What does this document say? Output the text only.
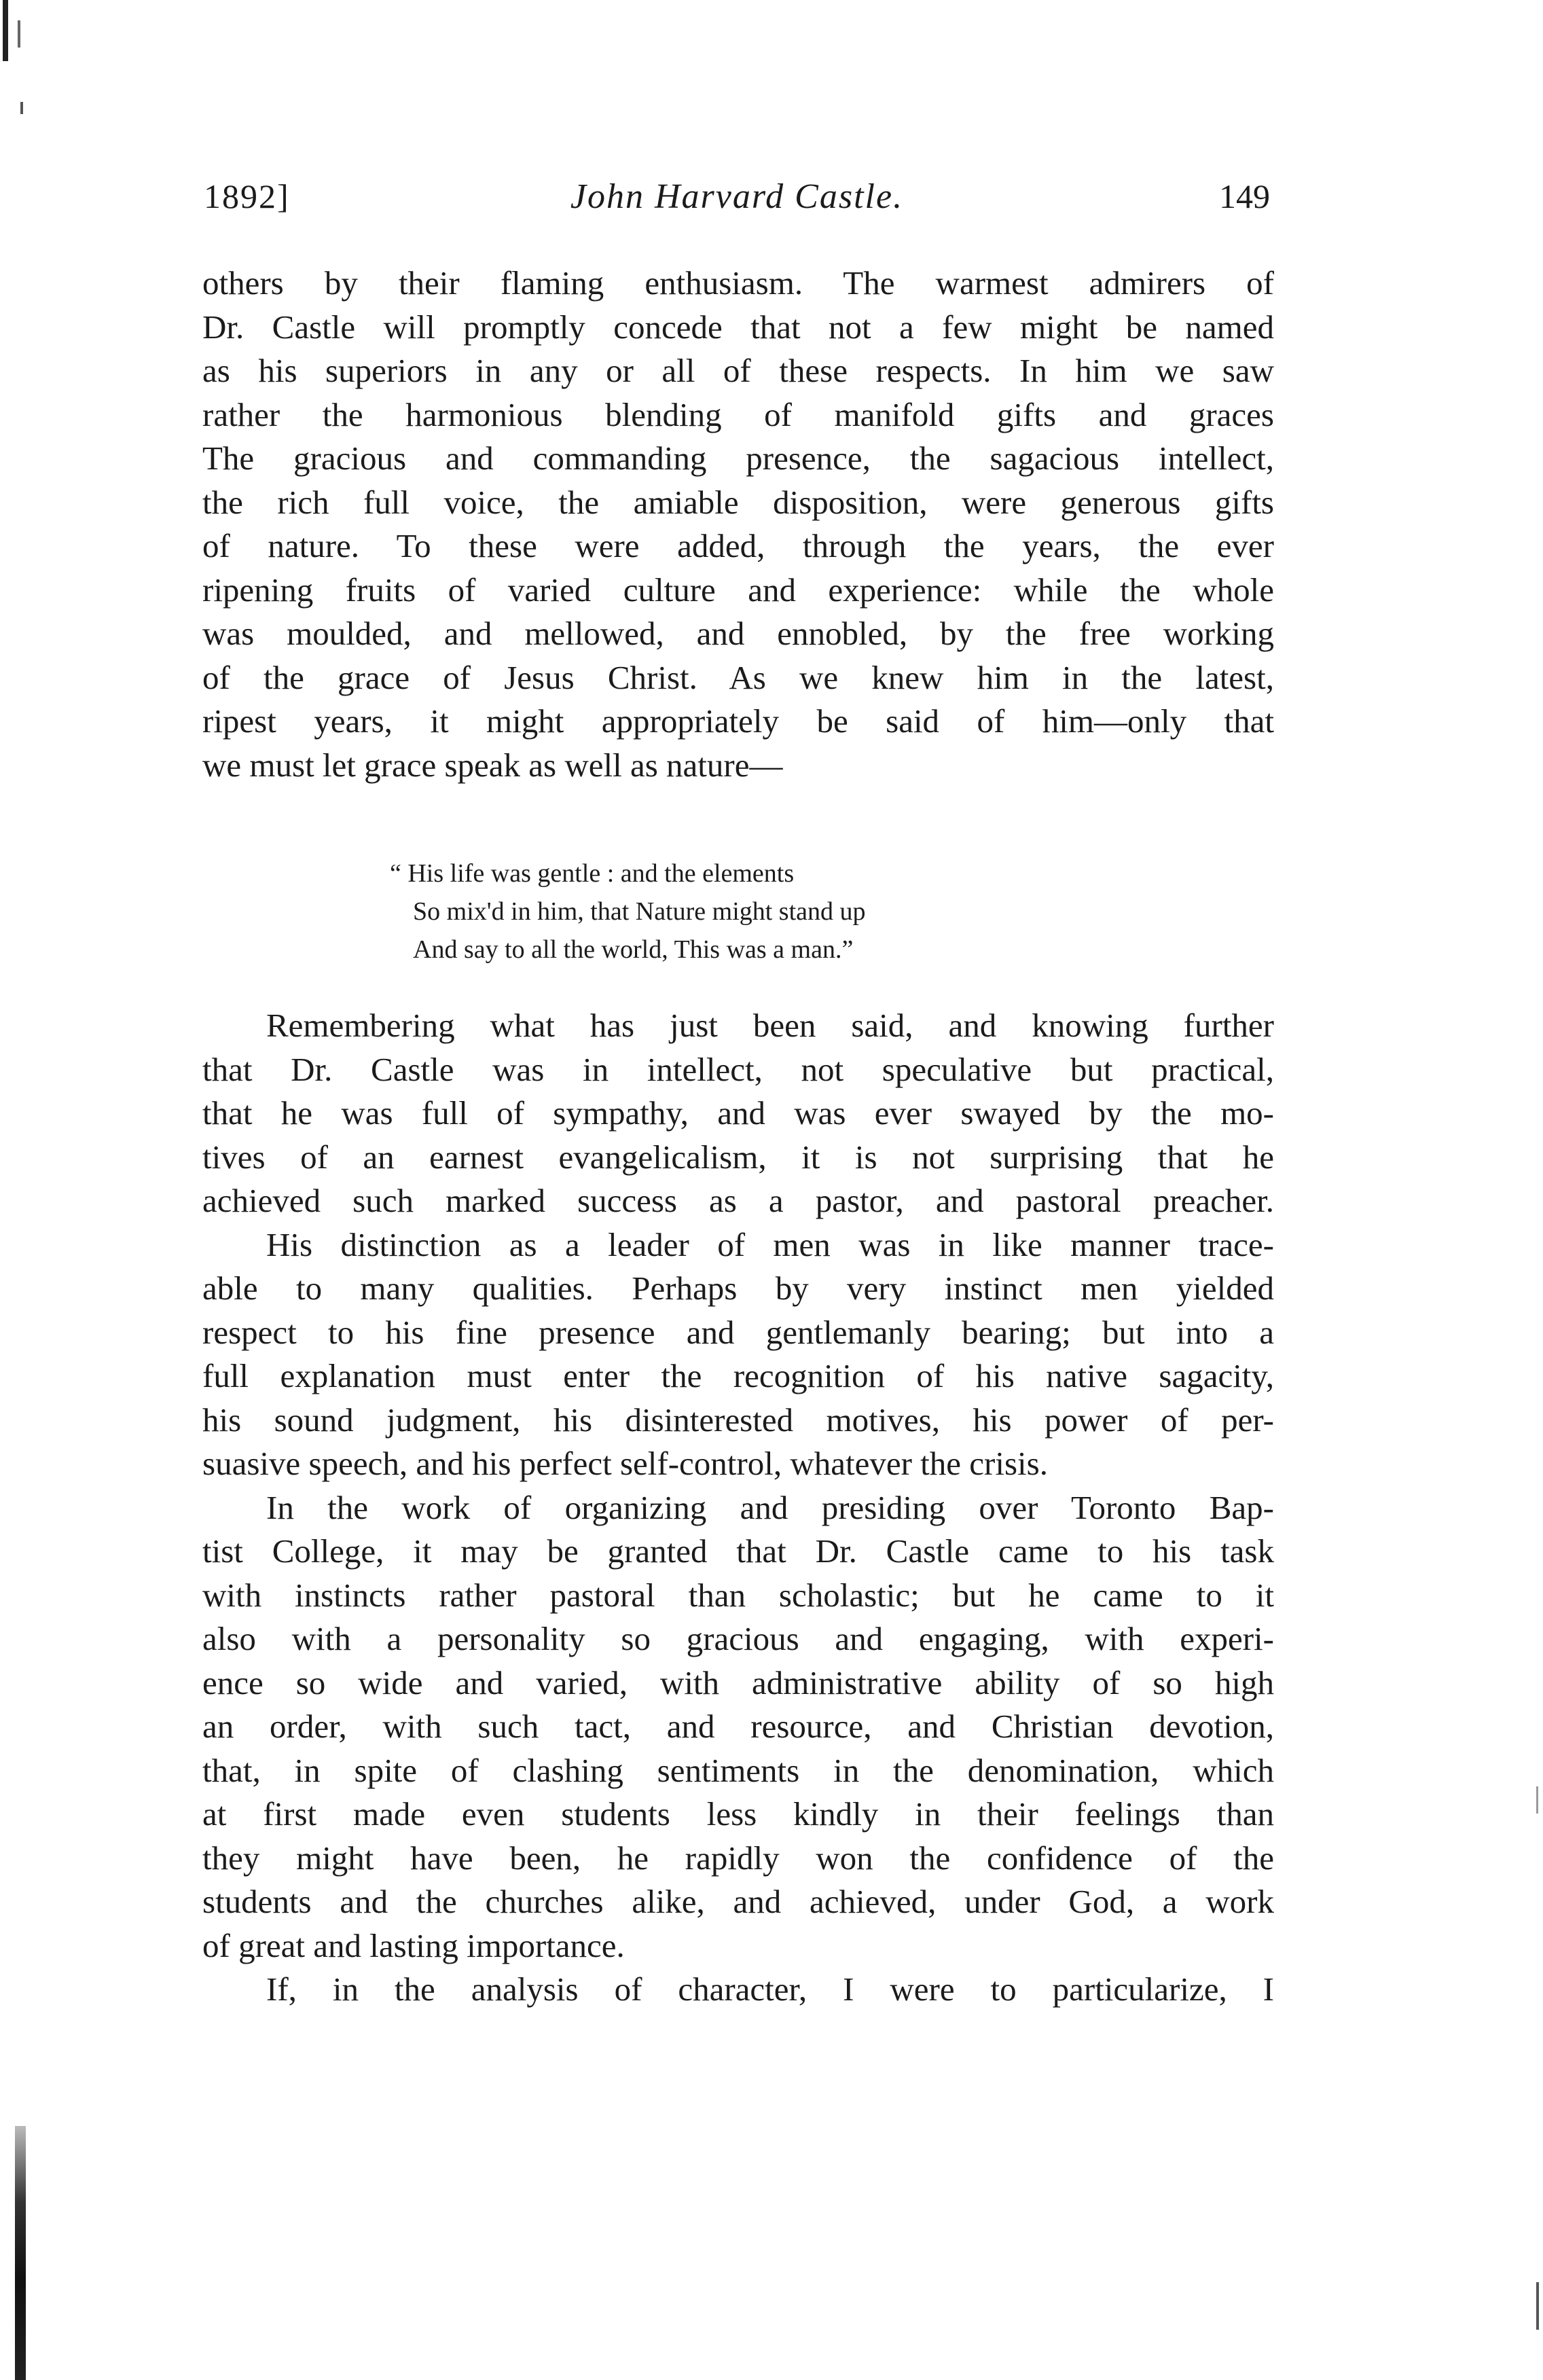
1892]	John Harvard Castle.	149
others by their flaming enthusiasm. The warmest admirers of
Dr. Castle will promptly concede that not a few might be named
as his superiors in any or all of these respects. In him we saw
rather the harmonious blending of manifold gifts and graces
The gracious and commanding presence, the sagacious intellect,
the rich full voice, the amiable disposition, were generous gifts
of nature. To these were added, through the years, the ever
ripening fruits of varied culture and experience: while the whole
was moulded, and mellowed, and ennobled, by the free working
of the grace of Jesus Christ. As we knew him in the latest,
ripest years, it might appropriately be said of him—only that
we must let grace speak as well as nature—
“ His life was gentle : and the elements
So mix'd in him, that Nature might stand up
And say to all the world, This was a man.”
Remembering what has just been said, and knowing further
that Dr. Castle was in intellect, not speculative but practical,
that he was full of sympathy, and was ever swayed by the mo-
tives of an earnest evangelicalism, it is not surprising that he
achieved such marked success as a pastor, and pastoral preacher.
His distinction as a leader of men was in like manner trace-
able to many qualities. Perhaps by very instinct men yielded
respect to his fine presence and gentlemanly bearing; but into a
full explanation must enter the recognition of his native sagacity,
his sound judgment, his disinterested motives, his power of per-
suasive speech, and his perfect self-control, whatever the crisis.
In the work of organizing and presiding over Toronto Bap-
tist College, it may be granted that Dr. Castle came to his task
with instincts rather pastoral than scholastic; but he came to it
also with a personality so gracious and engaging, with experi-
ence so wide and varied, with administrative ability of so high
an order, with such tact, and resource, and Christian devotion,
that, in spite of clashing sentiments in the denomination, which
at first made even students less kindly in their feelings than
they might have been, he rapidly won the confidence of the
students and the churches alike, and achieved, under God, a work
of great and lasting importance.
If, in the analysis of character, I were to particularize, I
